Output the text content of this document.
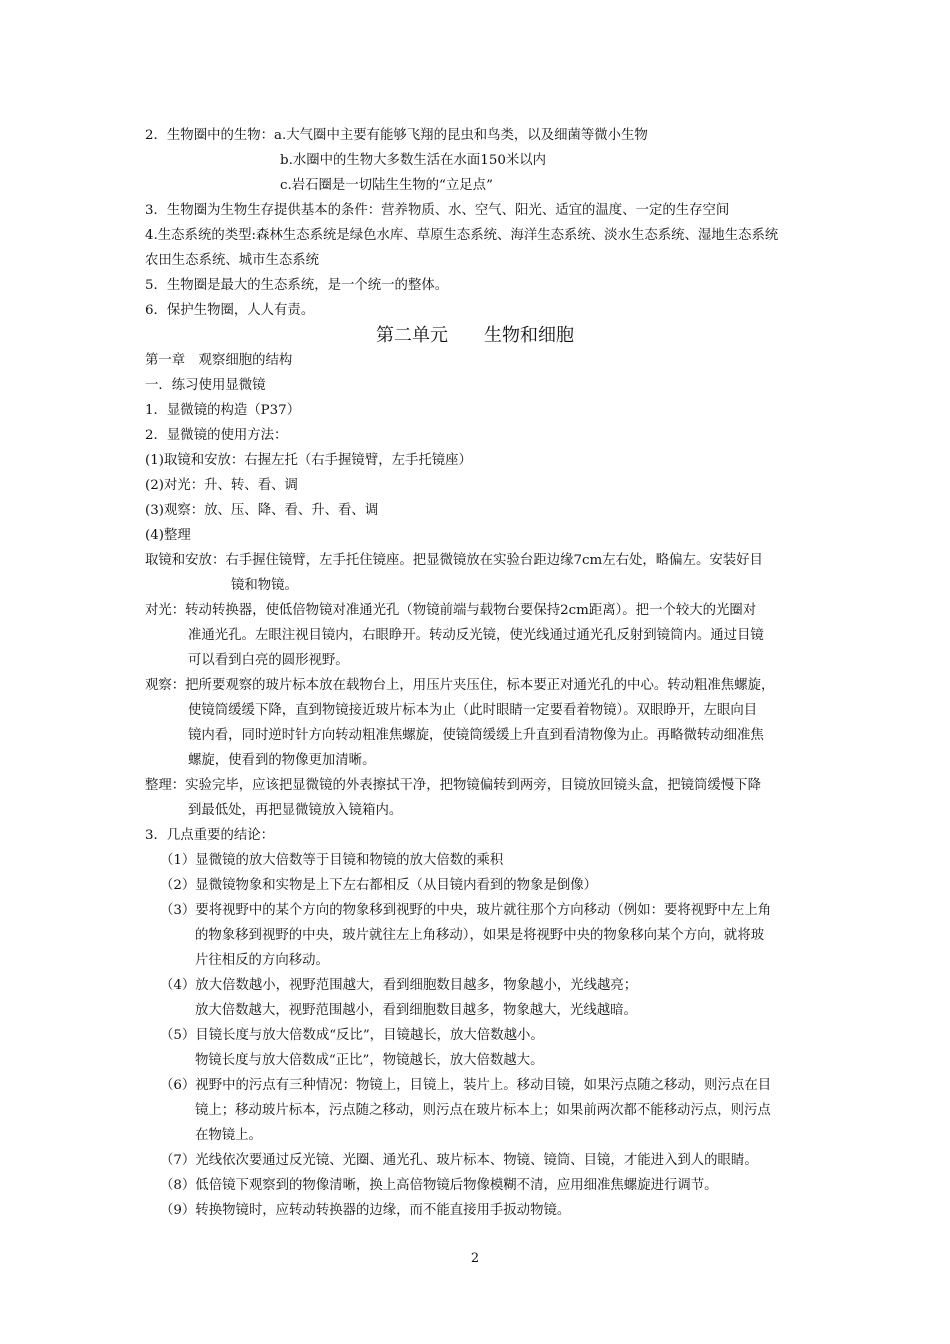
2．生物圈中的生物：a.大气圈中主要有能够飞翔的昆虫和鸟类，以及细菌等微小生物
b.水圈中的生物大多数生活在水面150米以内
c.岩石圈是一切陆生生物的“立足点”
3．生物圈为生物生存提供基本的条件：营养物质、水、空气、阳光、适宜的温度、一定的生存空间
4.生态系统的类型:森林生态系统是绿色水库、草原生态系统、海洋生态系统、淡水生态系统、湿地生态系统
农田生态系统、城市生态系统
5．生物圈是最大的生态系统，是一个统一的整体。
6．保护生物圈，人人有责。
第二单元　　生物和细胞
第一章　观察细胞的结构
一．练习使用显微镜
1．显微镜的构造（P37）
2．显微镜的使用方法：
(1)取镜和安放：右握左托（右手握镜臂，左手托镜座）
(2)对光：升、转、看、调
(3)观察：放、压、降、看、升、看、调
(4)整理
取镜和安放：右手握住镜臂，左手托住镜座。把显微镜放在实验台距边缘7cm左右处，略偏左。安装好目
镜和物镜。
对光：转动转换器，使低倍物镜对准通光孔（物镜前端与载物台要保持2cm距离）。把一个较大的光圈对
准通光孔。左眼注视目镜内，右眼睁开。转动反光镜，使光线通过通光孔反射到镜筒内。通过目镜
可以看到白亮的圆形视野。
观察：把所要观察的玻片标本放在载物台上，用压片夹压住，标本要正对通光孔的中心。转动粗准焦螺旋，
使镜筒缓缓下降，直到物镜接近玻片标本为止（此时眼睛一定要看着物镜）。双眼睁开，左眼向目
镜内看，同时逆时针方向转动粗准焦螺旋，使镜筒缓缓上升直到看清物像为止。再略微转动细准焦
螺旋，使看到的物像更加清晰。
整理：实验完毕，应该把显微镜的外表擦拭干净，把物镜偏转到两旁，目镜放回镜头盒，把镜筒缓慢下降
到最低处，再把显微镜放入镜箱内。
3．几点重要的结论：
（1）显微镜的放大倍数等于目镜和物镜的放大倍数的乘积
（2）显微镜物象和实物是上下左右都相反（从目镜内看到的物象是倒像）
（3）要将视野中的某个方向的物象移到视野的中央，玻片就往那个方向移动（例如：要将视野中左上角
的物象移到视野的中央，玻片就往左上角移动），如果是将视野中央的物象移向某个方向，就将玻
片往相反的方向移动。
（4）放大倍数越小，视野范围越大，看到细胞数目越多，物象越小，光线越亮；
放大倍数越大，视野范围越小，看到细胞数目越多，物象越大，光线越暗。
（5）目镜长度与放大倍数成“反比”，目镜越长，放大倍数越小。
物镜长度与放大倍数成“正比”，物镜越长，放大倍数越大。
（6）视野中的污点有三种情况：物镜上，目镜上，装片上。移动目镜，如果污点随之移动，则污点在目
镜上；移动玻片标本，污点随之移动，则污点在玻片标本上；如果前两次都不能移动污点，则污点
在物镜上。
（7）光线依次要通过反光镜、光圈、通光孔、玻片标本、物镜、镜筒、目镜，才能进入到人的眼睛。
（8）低倍镜下观察到的物像清晰，换上高倍物镜后物像模糊不清，应用细准焦螺旋进行调节。
（9）转换物镜时，应转动转换器的边缘，而不能直接用手扳动物镜。
2
